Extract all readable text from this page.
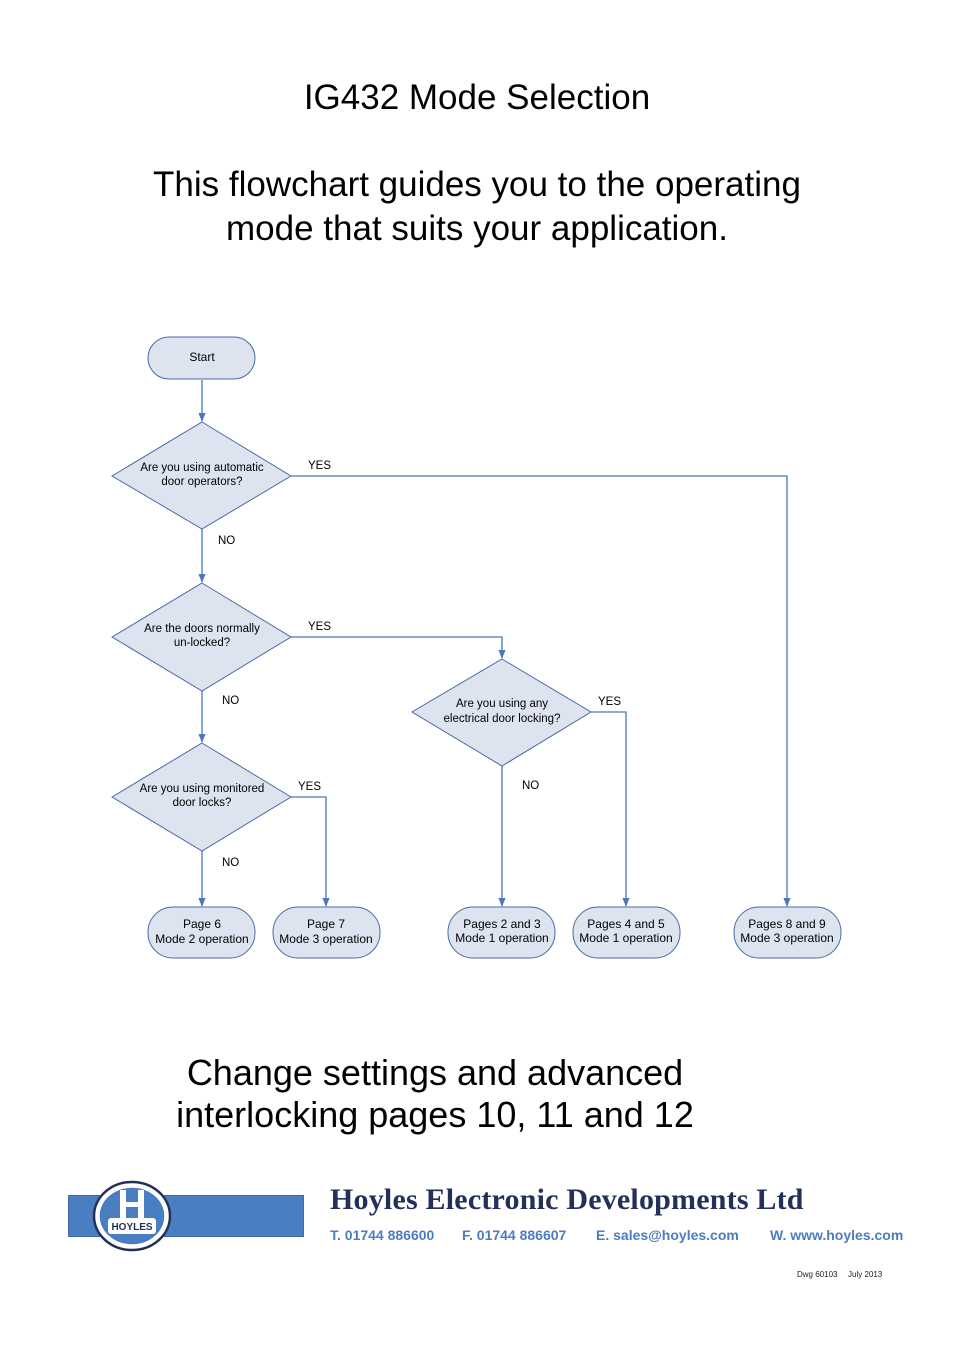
IG432 Mode Selection
This flowchart guides you to the operating
mode that suits your application.
Start
Are you using automatic
door operators?
Are the doors normally
un-locked?
Are you using monitored
door locks?
Are you using any
electrical door locking?
YES
NO
YES
NO
YES
NO
YES
NO
Page 6
Mode 2 operation
Page 7
Mode 3 operation
Pages 2 and 3
Mode 1 operation
Pages 4 and 5
Mode 1 operation
Pages 8 and 9
Mode 3 operation
Change settings and advanced
interlocking pages 10, 11 and 12
HOYLES
Hoyles Electronic Developments Ltd
T. 01744 886600 F. 01744 886607 E. sales@hoyles.com W. www.hoyles.com
Dwg 60103 July 2013
